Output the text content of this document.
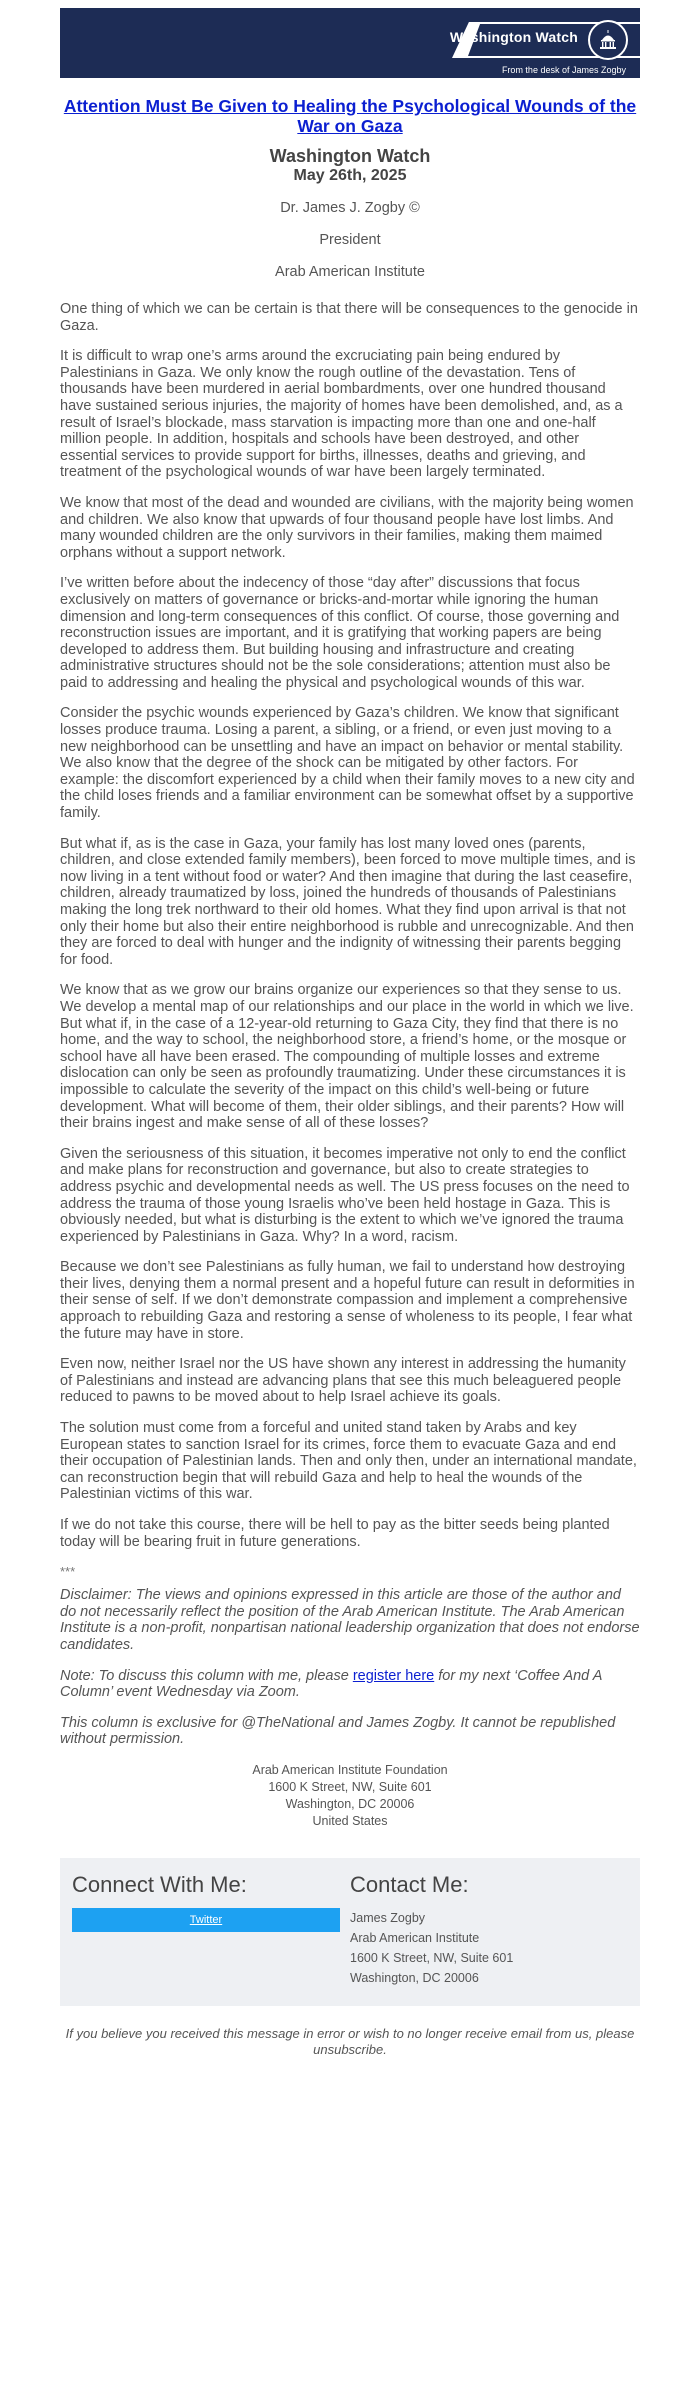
Washington Watch
From the desk of James Zogby
Attention Must Be Given to Healing the Psychological Wounds of the War on Gaza
Washington Watch
May 26th, 2025
Dr. James J. Zogby ©
President
Arab American Institute

One thing of which we can be certain is that there will be consequences to the genocide in Gaza.

It is difficult to wrap one’s arms around the excruciating pain being endured by Palestinians in Gaza. We only know the rough outline of the devastation. Tens of thousands have been murdered in aerial bombardments, over one hundred thousand have sustained serious injuries, the majority of homes have been demolished, and, as a result of Israel’s blockade, mass starvation is impacting more than one and one-half million people. In addition, hospitals and schools have been destroyed, and other essential services to provide support for births, illnesses, deaths and grieving, and treatment of the psychological wounds of war have been largely terminated.

We know that most of the dead and wounded are civilians, with the majority being women and children. We also know that upwards of four thousand people have lost limbs. And many wounded children are the only survivors in their families, making them maimed orphans without a support network.

I’ve written before about the indecency of those “day after” discussions that focus exclusively on matters of governance or bricks-and-mortar while ignoring the human dimension and long-term consequences of this conflict. Of course, those governing and reconstruction issues are important, and it is gratifying that working papers are being developed to address them. But building housing and infrastructure and creating administrative structures should not be the sole considerations; attention must also be paid to addressing and healing the physical and psychological wounds of this war.

Consider the psychic wounds experienced by Gaza’s children. We know that significant losses produce trauma. Losing a parent, a sibling, or a friend, or even just moving to a new neighborhood can be unsettling and have an impact on behavior or mental stability. We also know that the degree of the shock can be mitigated by other factors. For example: the discomfort experienced by a child when their family moves to a new city and the child loses friends and a familiar environment can be somewhat offset by a supportive family.

But what if, as is the case in Gaza, your family has lost many loved ones (parents, children, and close extended family members), been forced to move multiple times, and is now living in a tent without food or water? And then imagine that during the last ceasefire, children, already traumatized by loss, joined the hundreds of thousands of Palestinians making the long trek northward to their old homes. What they find upon arrival is that not only their home but also their entire neighborhood is rubble and unrecognizable. And then they are forced to deal with hunger and the indignity of witnessing their parents begging for food.

We know that as we grow our brains organize our experiences so that they sense to us. We develop a mental map of our relationships and our place in the world in which we live. But what if, in the case of a 12-year-old returning to Gaza City, they find that there is no home, and the way to school, the neighborhood store, a friend’s home, or the mosque or school have all have been erased. The compounding of multiple losses and extreme dislocation can only be seen as profoundly traumatizing. Under these circumstances it is impossible to calculate the severity of the impact on this child’s well-being or future development. What will become of them, their older siblings, and their parents? How will their brains ingest and make sense of all of these losses?

Given the seriousness of this situation, it becomes imperative not only to end the conflict and make plans for reconstruction and governance, but also to create strategies to address psychic and developmental needs as well. The US press focuses on the need to address the trauma of those young Israelis who’ve been held hostage in Gaza. This is obviously needed, but what is disturbing is the extent to which we’ve ignored the trauma experienced by Palestinians in Gaza. Why? In a word, racism.

Because we don’t see Palestinians as fully human, we fail to understand how destroying their lives, denying them a normal present and a hopeful future can result in deformities in their sense of self. If we don’t demonstrate compassion and implement a comprehensive approach to rebuilding Gaza and restoring a sense of wholeness to its people, I fear what the future may have in store.

Even now, neither Israel nor the US have shown any interest in addressing the humanity of Palestinians and instead are advancing plans that see this much beleaguered people reduced to pawns to be moved about to help Israel achieve its goals.

The solution must come from a forceful and united stand taken by Arabs and key European states to sanction Israel for its crimes, force them to evacuate Gaza and end their occupation of Palestinian lands. Then and only then, under an international mandate, can reconstruction begin that will rebuild Gaza and help to heal the wounds of the Palestinian victims of this war.

If we do not take this course, there will be hell to pay as the bitter seeds being planted today will be bearing fruit in future generations.

***

Disclaimer: The views and opinions expressed in this article are those of the author and do not necessarily reflect the position of the Arab American Institute. The Arab American Institute is a non-profit, nonpartisan national leadership organization that does not endorse candidates.

Note: To discuss this column with me, please register here for my next ‘Coffee And A Column’ event Wednesday via Zoom.

This column is exclusive for @TheNational and James Zogby. It cannot be republished without permission.

Arab American Institute Foundation
1600 K Street, NW, Suite 601
Washington, DC 20006
United States
Connect With Me:
Twitter
Contact Me:
James Zogby
Arab American Institute
1600 K Street, NW, Suite 601
Washington, DC 20006
If you believe you received this message in error or wish to no longer receive email from us, please unsubscribe.
